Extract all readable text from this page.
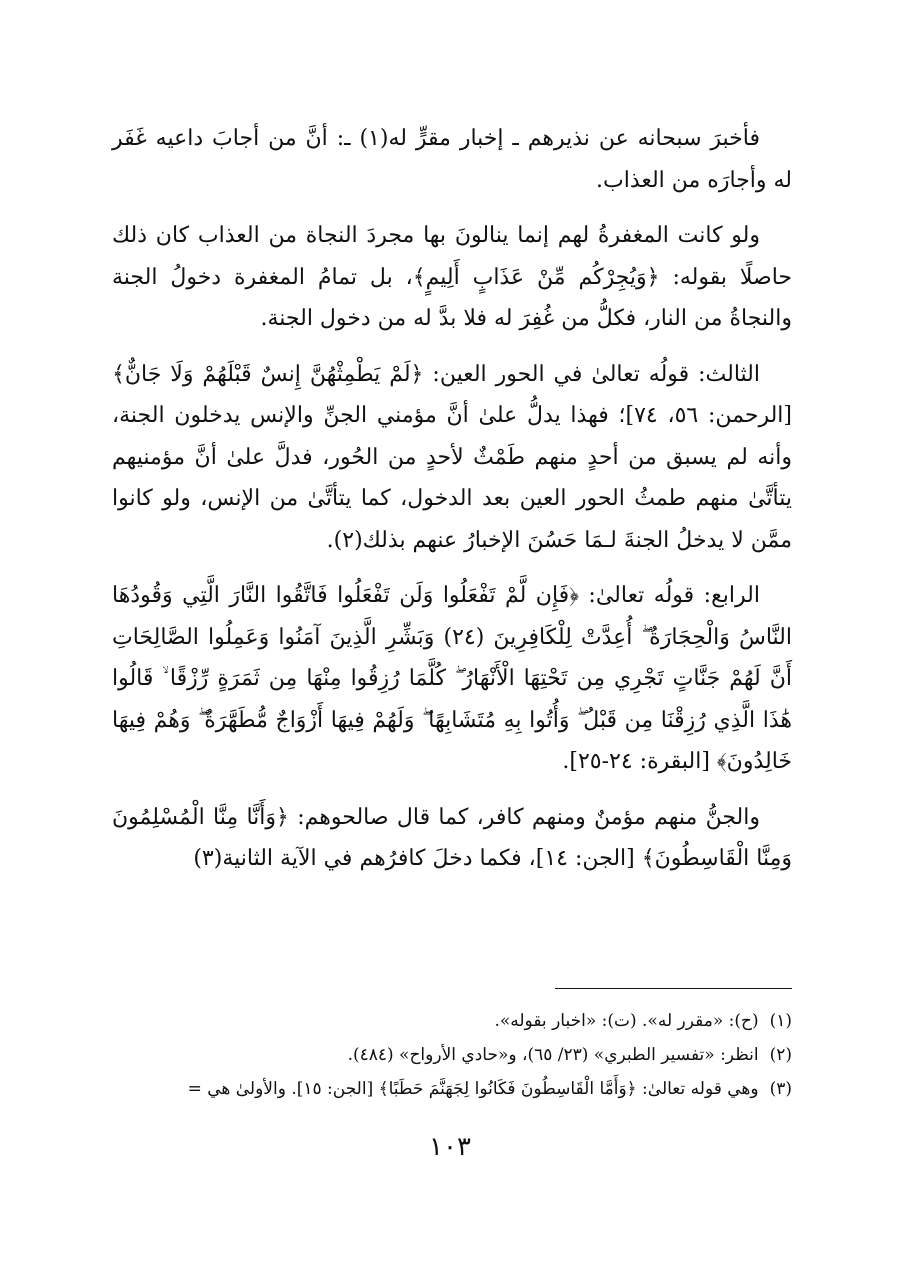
فأخبرَ سبحانه عن نذيرهم ـ إخبار مقرٍّ له(١) ـ: أنَّ من أجابَ داعيه غَفَر له وأجارَه من العذاب.

ولو كانت المغفرةُ لهم إنما ينالونَ بها مجردَ النجاة من العذاب كان ذلك حاصلًا بقوله: ﴿وَيُجِرْكُم مِّنْ عَذَابٍ أَلِيمٍ﴾، بل تمامُ المغفرة دخولُ الجنة والنجاةُ من النار، فكلُّ من غُفِرَ له فلا بدَّ له من دخول الجنة.

الثالث: قولُه تعالىٰ في الحور العين: ﴿لَمْ يَطْمِثْهُنَّ إِنسٌ قَبْلَهُمْ وَلَا جَانٌّ﴾ [الرحمن: ٥٦، ٧٤]؛ فهذا يدلُّ علىٰ أنَّ مؤمني الجنِّ والإنس يدخلون الجنة، وأنه لم يسبق من أحدٍ منهم طَمْثٌ لأحدٍ من الحُور، فدلَّ علىٰ أنَّ مؤمنيهم يتأتَّىٰ منهم طمثُ الحور العين بعد الدخول، كما يتأتَّىٰ من الإنس، ولو كانوا ممَّن لا يدخلُ الجنةَ لـمَا حَسُنَ الإخبارُ عنهم بذلك(٢).

الرابع: قولُه تعالىٰ: ﴿فَإِن لَّمْ تَفْعَلُوا وَلَن تَفْعَلُوا فَاتَّقُوا النَّارَ الَّتِي وَقُودُهَا النَّاسُ وَالْحِجَارَةُ ۖ أُعِدَّتْ لِلْكَافِرِينَ (٢٤) وَبَشِّرِ الَّذِينَ آمَنُوا وَعَمِلُوا الصَّالِحَاتِ أَنَّ لَهُمْ جَنَّاتٍ تَجْرِي مِن تَحْتِهَا الْأَنْهَارُ ۖ كُلَّمَا رُزِقُوا مِنْهَا مِن ثَمَرَةٍ رِّزْقًا ۙ قَالُوا هَٰذَا الَّذِي رُزِقْنَا مِن قَبْلُ ۖ وَأُتُوا بِهِ مُتَشَابِهًا ۖ وَلَهُمْ فِيهَا أَزْوَاجٌ مُّطَهَّرَةٌ ۖ وَهُمْ فِيهَا خَالِدُونَ﴾ [البقرة: ٢٤-٢٥].

والجنُّ منهم مؤمنٌ ومنهم كافر، كما قال صالحوهم: ﴿وَأَنَّا مِنَّا الْمُسْلِمُونَ وَمِنَّا الْقَاسِطُونَ﴾ [الجن: ١٤]، فكما دخلَ كافرُهم في الآية الثانية(٣)

(١) (ح): «مقرر له». (ت): «اخبار بقوله».

(٢) انظر: «تفسير الطبري» (٢٣/ ٦٥)، و«حادي الأرواح» (٤٨٤).

(٣) وهي قوله تعالىٰ: ﴿وَأَمَّا الْقَاسِطُونَ فَكَانُوا لِجَهَنَّمَ حَطَبًا﴾ [الجن: ١٥]. والأولىٰ هي =

١٠٣
